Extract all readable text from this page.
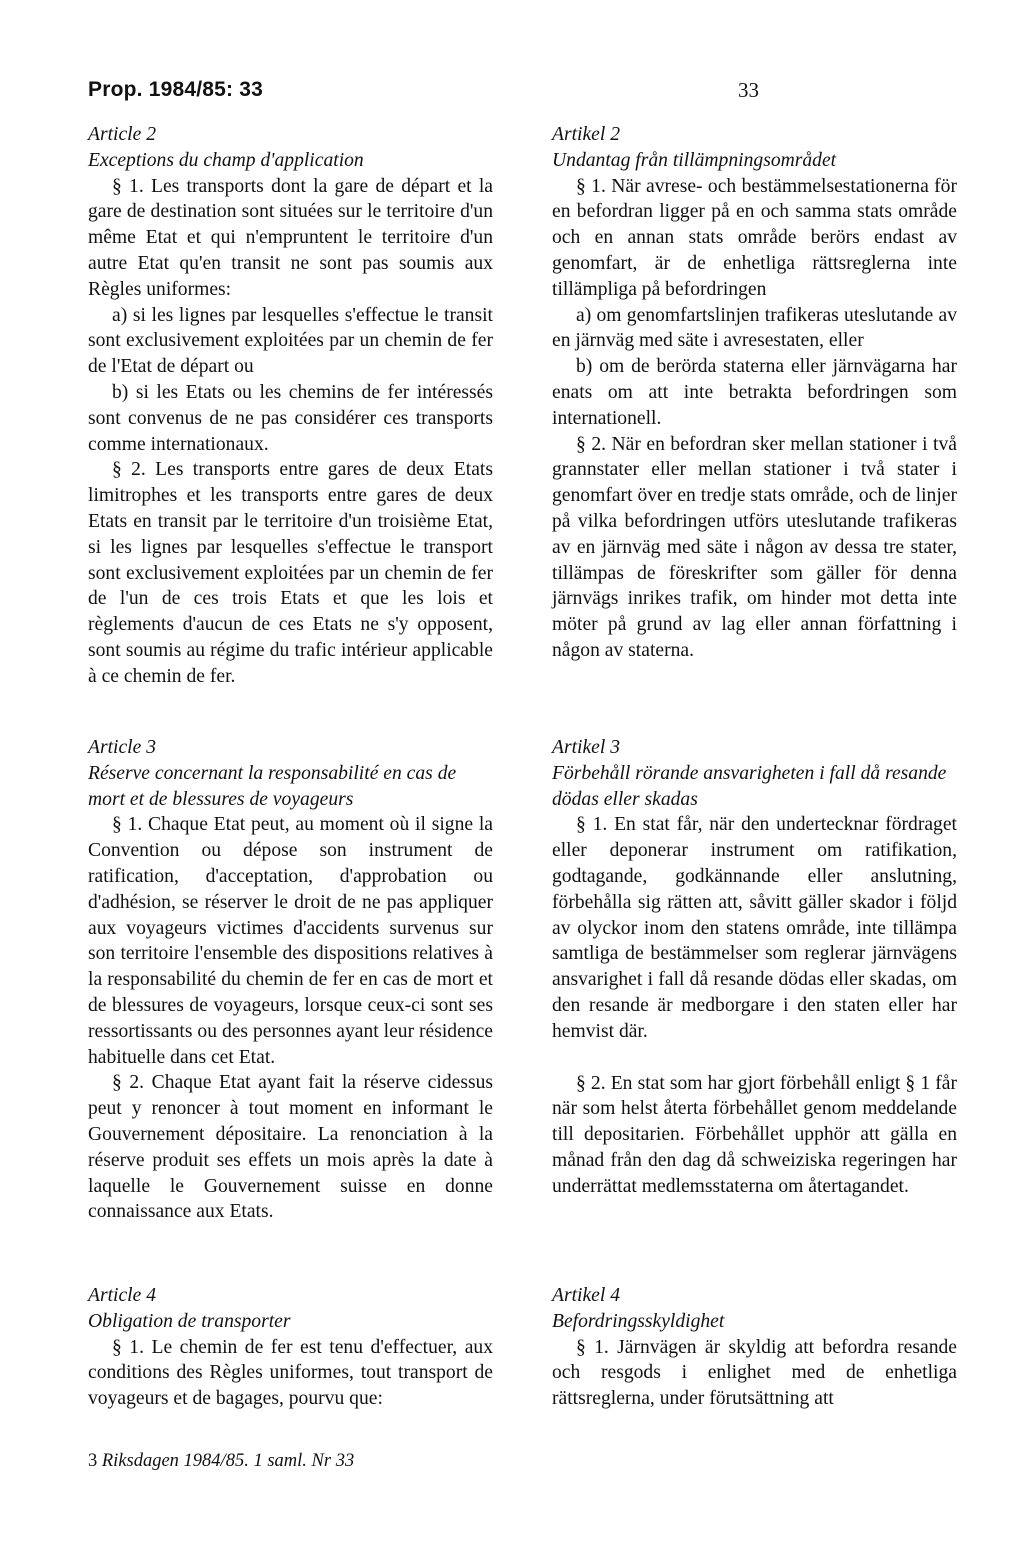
Prop. 1984/85: 33	33

Article 2

Exceptions du champ d'application

§ 1. Les transports dont la gare de départ et la gare de destination sont situées sur le territoire d'un même Etat et qui n'empruntent le territoire d'un autre Etat qu'en transit ne sont pas soumis aux Règles uniformes:

a) si les lignes par lesquelles s'effectue le transit sont exclusivement exploitées par un chemin de fer de l'Etat de départ ou

b) si les Etats ou les chemins de fer intéressés sont convenus de ne pas considérer ces transports comme internationaux.

§ 2. Les transports entre gares de deux Etats limitrophes et les transports entre gares de deux Etats en transit par le territoire d'un troisième Etat, si les lignes par lesquelles s'effectue le transport sont exclusivement exploitées par un chemin de fer de l'un de ces trois Etats et que les lois et règlements d'aucun de ces Etats ne s'y opposent, sont soumis au régime du trafic intérieur applicable à ce chemin de fer.

Article 3

Réserve concernant la responsabilité en cas de mort et de blessures de voyageurs

§ 1. Chaque Etat peut, au moment où il signe la Convention ou dépose son instrument de ratification, d'acceptation, d'approbation ou d'adhésion, se réserver le droit de ne pas appliquer aux voyageurs victimes d'accidents survenus sur son territoire l'ensemble des dispositions relatives à la responsabilité du chemin de fer en cas de mort et de blessures de voyageurs, lorsque ceux-ci sont ses ressortissants ou des personnes ayant leur résidence habituelle dans cet Etat.

§ 2. Chaque Etat ayant fait la réserve cidessus peut y renoncer à tout moment en informant le Gouvernement dépositaire. La renonciation à la réserve produit ses effets un mois après la date à laquelle le Gouvernement suisse en donne connaissance aux Etats.

Article 4

Obligation de transporter

§ 1. Le chemin de fer est tenu d'effectuer, aux conditions des Règles uniformes, tout transport de voyageurs et de bagages, pourvu que:

Artikel 2

Undantag från tillämpningsområdet

§ 1. När avrese- och bestämmelsestationerna för en befordran ligger på en och samma stats område och en annan stats område berörs endast av genomfart, är de enhetliga rättsreglerna inte tillämpliga på befordringen

a) om genomfartslinjen trafikeras uteslutande av en järnväg med säte i avresestaten, eller

b) om de berörda staterna eller järnvägarna har enats om att inte betrakta befordringen som internationell.

§ 2. När en befordran sker mellan stationer i två grannstater eller mellan stationer i två stater i genomfart över en tredje stats område, och de linjer på vilka befordringen utförs uteslutande trafikeras av en järnväg med säte i någon av dessa tre stater, tillämpas de föreskrifter som gäller för denna järnvägs inrikes trafik, om hinder mot detta inte möter på grund av lag eller annan författning i någon av staterna.

Artikel 3

Förbehåll rörande ansvarigheten i fall då resande dödas eller skadas

§ 1. En stat får, när den undertecknar fördraget eller deponerar instrument om ratifikation, godtagande, godkännande eller anslutning, förbehålla sig rätten att, såvitt gäller skador i följd av olyckor inom den statens område, inte tillämpa samtliga de bestämmelser som reglerar järnvägens ansvarighet i fall då resande dödas eller skadas, om den resande är medborgare i den staten eller har hemvist där.

§ 2. En stat som har gjort förbehåll enligt § 1 får när som helst återta förbehållet genom meddelande till depositarien. Förbehållet upphör att gälla en månad från den dag då schweiziska regeringen har underrättat medlemsstaterna om återtagandet.

Artikel 4

Befordringsskyldighet

§ 1. Järnvägen är skyldig att befordra resande och resgods i enlighet med de enhetliga rättsreglerna, under förutsättning att

3 Riksdagen 1984/85. 1 saml. Nr 33
